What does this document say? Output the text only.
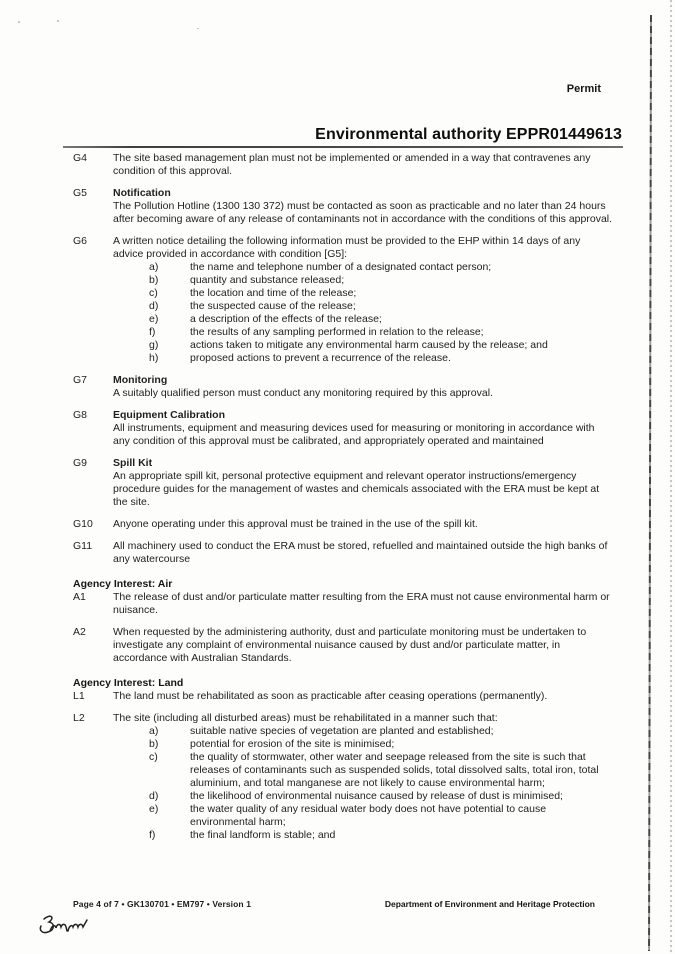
Permit
Environmental authority EPPR01449613
G4	The site based management plan must not be implemented or amended in a way that contravenes any condition of this approval.
G5	Notification
The Pollution Hotline (1300 130 372) must be contacted as soon as practicable and no later than 24 hours after becoming aware of any release of contaminants not in accordance with the conditions of this approval.
G6	A written notice detailing the following information must be provided to the EHP within 14 days of any advice provided in accordance with condition [G5]:
a)	the name and telephone number of a designated contact person;
b)	quantity and substance released;
c)	the location and time of the release;
d)	the suspected cause of the release;
e)	a description of the effects of the release;
f)	the results of any sampling performed in relation to the release;
g)	actions taken to mitigate any environmental harm caused by the release; and
h)	proposed actions to prevent a recurrence of the release.
G7	Monitoring
A suitably qualified person must conduct any monitoring required by this approval.
G8	Equipment Calibration
All instruments, equipment and measuring devices used for measuring or monitoring in accordance with any condition of this approval must be calibrated, and appropriately operated and maintained
G9	Spill Kit
An appropriate spill kit, personal protective equipment and relevant operator instructions/emergency procedure guides for the management of wastes and chemicals associated with the ERA must be kept at the site.
G10	Anyone operating under this approval must be trained in the use of the spill kit.
G11	All machinery used to conduct the ERA must be stored, refuelled and maintained outside the high banks of any watercourse
Agency Interest: Air
A1	The release of dust and/or particulate matter resulting from the ERA must not cause environmental harm or nuisance.
A2	When requested by the administering authority, dust and particulate monitoring must be undertaken to investigate any complaint of environmental nuisance caused by dust and/or particulate matter, in accordance with Australian Standards.
Agency Interest: Land
L1	The land must be rehabilitated as soon as practicable after ceasing operations (permanently).
L2	The site (including all disturbed areas) must be rehabilitated in a manner such that:
a)	suitable native species of vegetation are planted and established;
b)	potential for erosion of the site is minimised;
c)	the quality of stormwater, other water and seepage released from the site is such that releases of contaminants such as suspended solids, total dissolved salts, total iron, total aluminium, and total manganese are not likely to cause environmental harm;
d)	the likelihood of environmental nuisance caused by release of dust is minimised;
e)	the water quality of any residual water body does not have potential to cause environmental harm;
f)	the final landform is stable; and
Page 4 of 7 • GK130701 • EM797 • Version 1	Department of Environment and Heritage Protection
